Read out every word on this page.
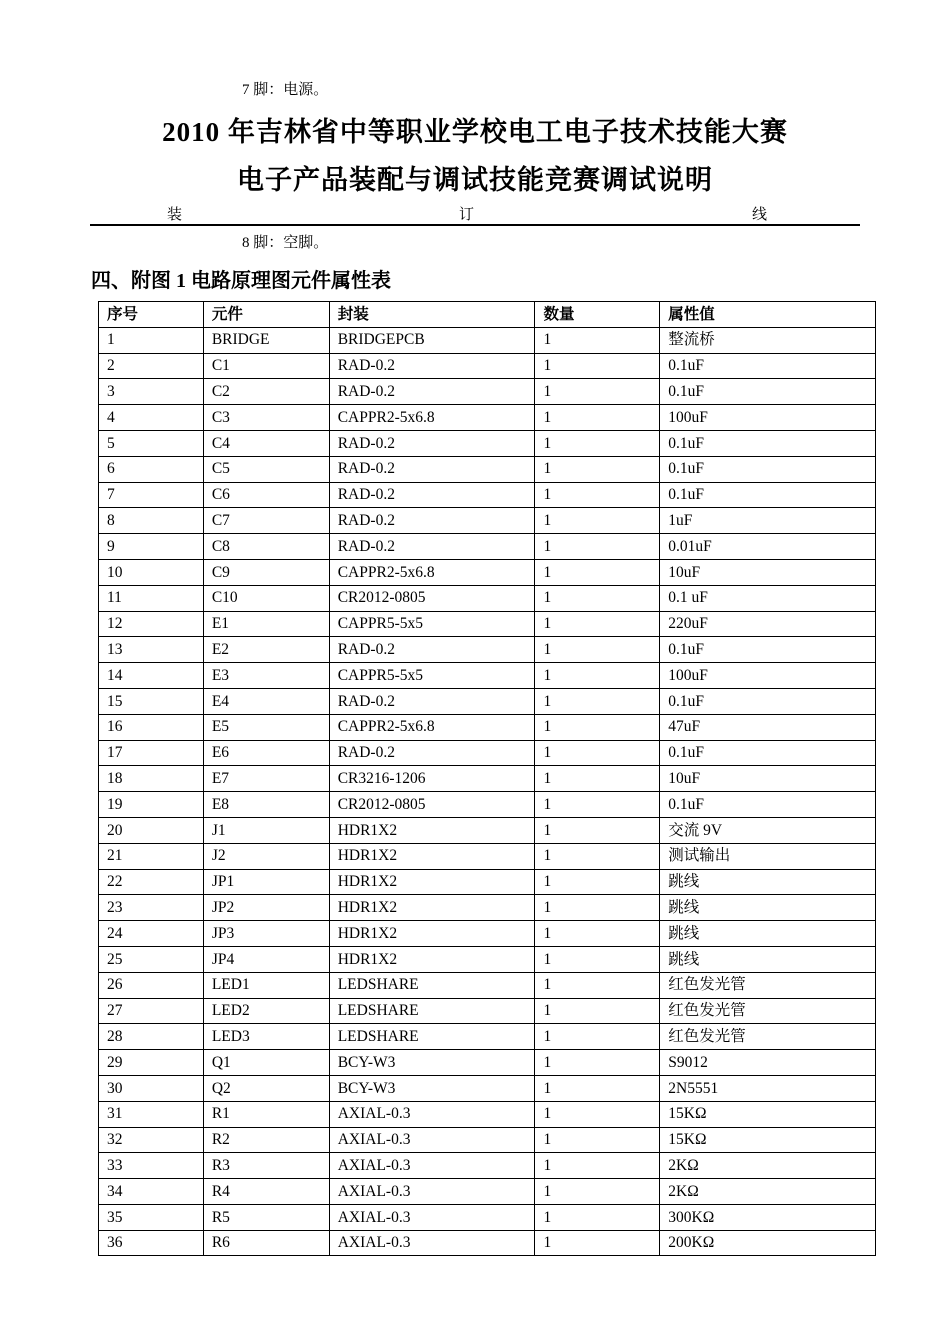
7 脚：电源。
2010 年吉林省中等职业学校电工电子技术技能大赛
电子产品装配与调试技能竞赛调试说明
装	订	线
8 脚：空脚。
四、附图 1 电路原理图元件属性表
序号	元件	封装	数量	属性值
1	BRIDGE	BRIDGEPCB	1	整流桥
2	C1	RAD-0.2	1	0.1uF
3	C2	RAD-0.2	1	0.1uF
4	C3	CAPPR2-5x6.8	1	100uF
5	C4	RAD-0.2	1	0.1uF
6	C5	RAD-0.2	1	0.1uF
7	C6	RAD-0.2	1	0.1uF
8	C7	RAD-0.2	1	1uF
9	C8	RAD-0.2	1	0.01uF
10	C9	CAPPR2-5x6.8	1	10uF
11	C10	CR2012-0805	1	0.1 uF
12	E1	CAPPR5-5x5	1	220uF
13	E2	RAD-0.2	1	0.1uF
14	E3	CAPPR5-5x5	1	100uF
15	E4	RAD-0.2	1	0.1uF
16	E5	CAPPR2-5x6.8	1	47uF
17	E6	RAD-0.2	1	0.1uF
18	E7	CR3216-1206	1	10uF
19	E8	CR2012-0805	1	0.1uF
20	J1	HDR1X2	1	交流 9V
21	J2	HDR1X2	1	测试输出
22	JP1	HDR1X2	1	跳线
23	JP2	HDR1X2	1	跳线
24	JP3	HDR1X2	1	跳线
25	JP4	HDR1X2	1	跳线
26	LED1	LEDSHARE	1	红色发光管
27	LED2	LEDSHARE	1	红色发光管
28	LED3	LEDSHARE	1	红色发光管
29	Q1	BCY-W3	1	S9012
30	Q2	BCY-W3	1	2N5551
31	R1	AXIAL-0.3	1	15KΩ
32	R2	AXIAL-0.3	1	15KΩ
33	R3	AXIAL-0.3	1	2KΩ
34	R4	AXIAL-0.3	1	2KΩ
35	R5	AXIAL-0.3	1	300KΩ
36	R6	AXIAL-0.3	1	200KΩ
